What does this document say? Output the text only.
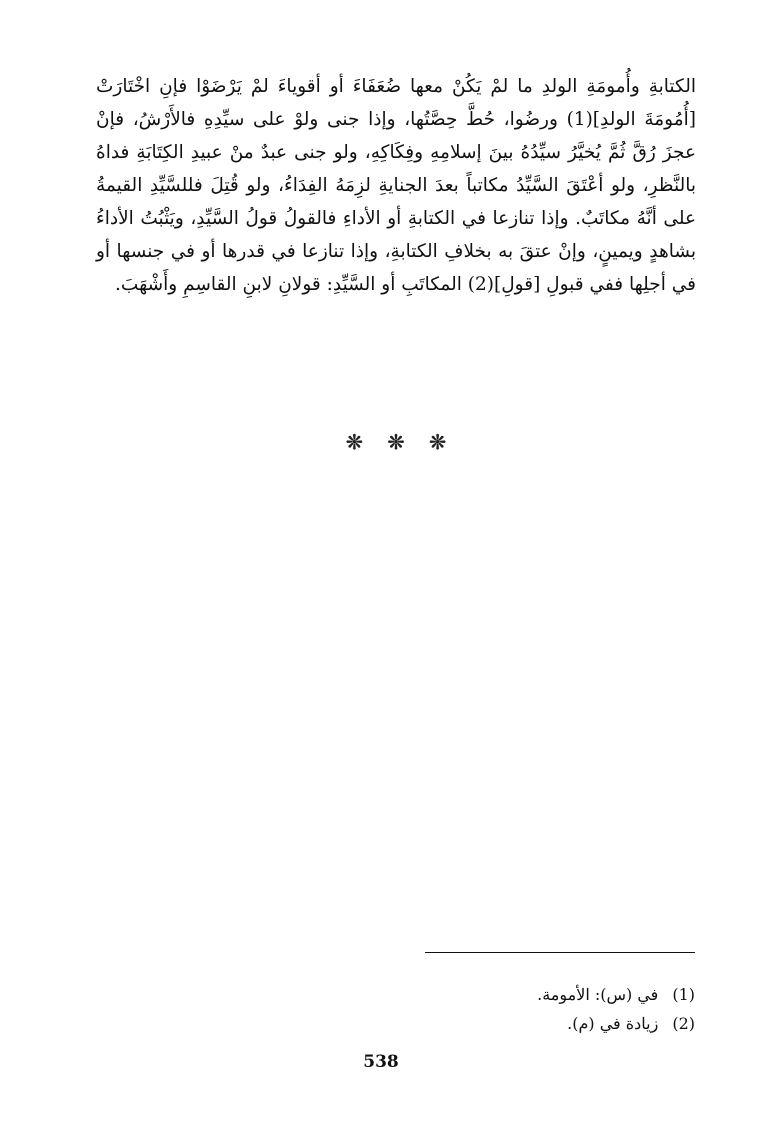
الكتابةِ وأُمومَةِ الولدِ ما لمْ يَكُنْ معها ضُعَفَاءَ أو أقوياءَ لمْ يَرْضَوْا فإنِ اخْتَارَتْ [أُمُومَةَ الولدِ](1) ورضُوا، حُطَّ حِصَّتُها، وإذا جنى ولوْ على سيِّدِهِ فالأَرْشُ، فإنْ عجزَ رُقَّ ثُمَّ يُخيَّرُ سيِّدُهُ بينَ إسلامِهِ وفِكَاكِهِ، ولو جنى عبدٌ منْ عبيدِ الكِتَابَةِ فداهُ بالنَّظرِ، ولو أعْتَقَ السَّيِّدُ مكاتباً بعدَ الجنايةِ لزِمَهُ الفِدَاءُ، ولو قُتِلَ فللسَّيِّدِ القيمةُ على أنَّهُ مكاتَبٌ. وإذا تنازعا في الكتابةِ أو الأداءِ فالقولُ قولُ السَّيِّدِ، ويَثْبُتُ الأداءُ بشاهدٍ ويمينٍ، وإنْ عتقَ به بخلافِ الكتابةِ، وإذا تنازعا في قدرها أو في جنسها أو في أجلِها ففي قبولِ [قولِ](2) المكاتَبِ أو السَّيِّدِ: قولانِ لابنِ القاسِمِ وأَشْهَبَ.

❊ ❊ ❊
(1)
في (س): الأمومة.
(2)
زيادة في (م).
538
